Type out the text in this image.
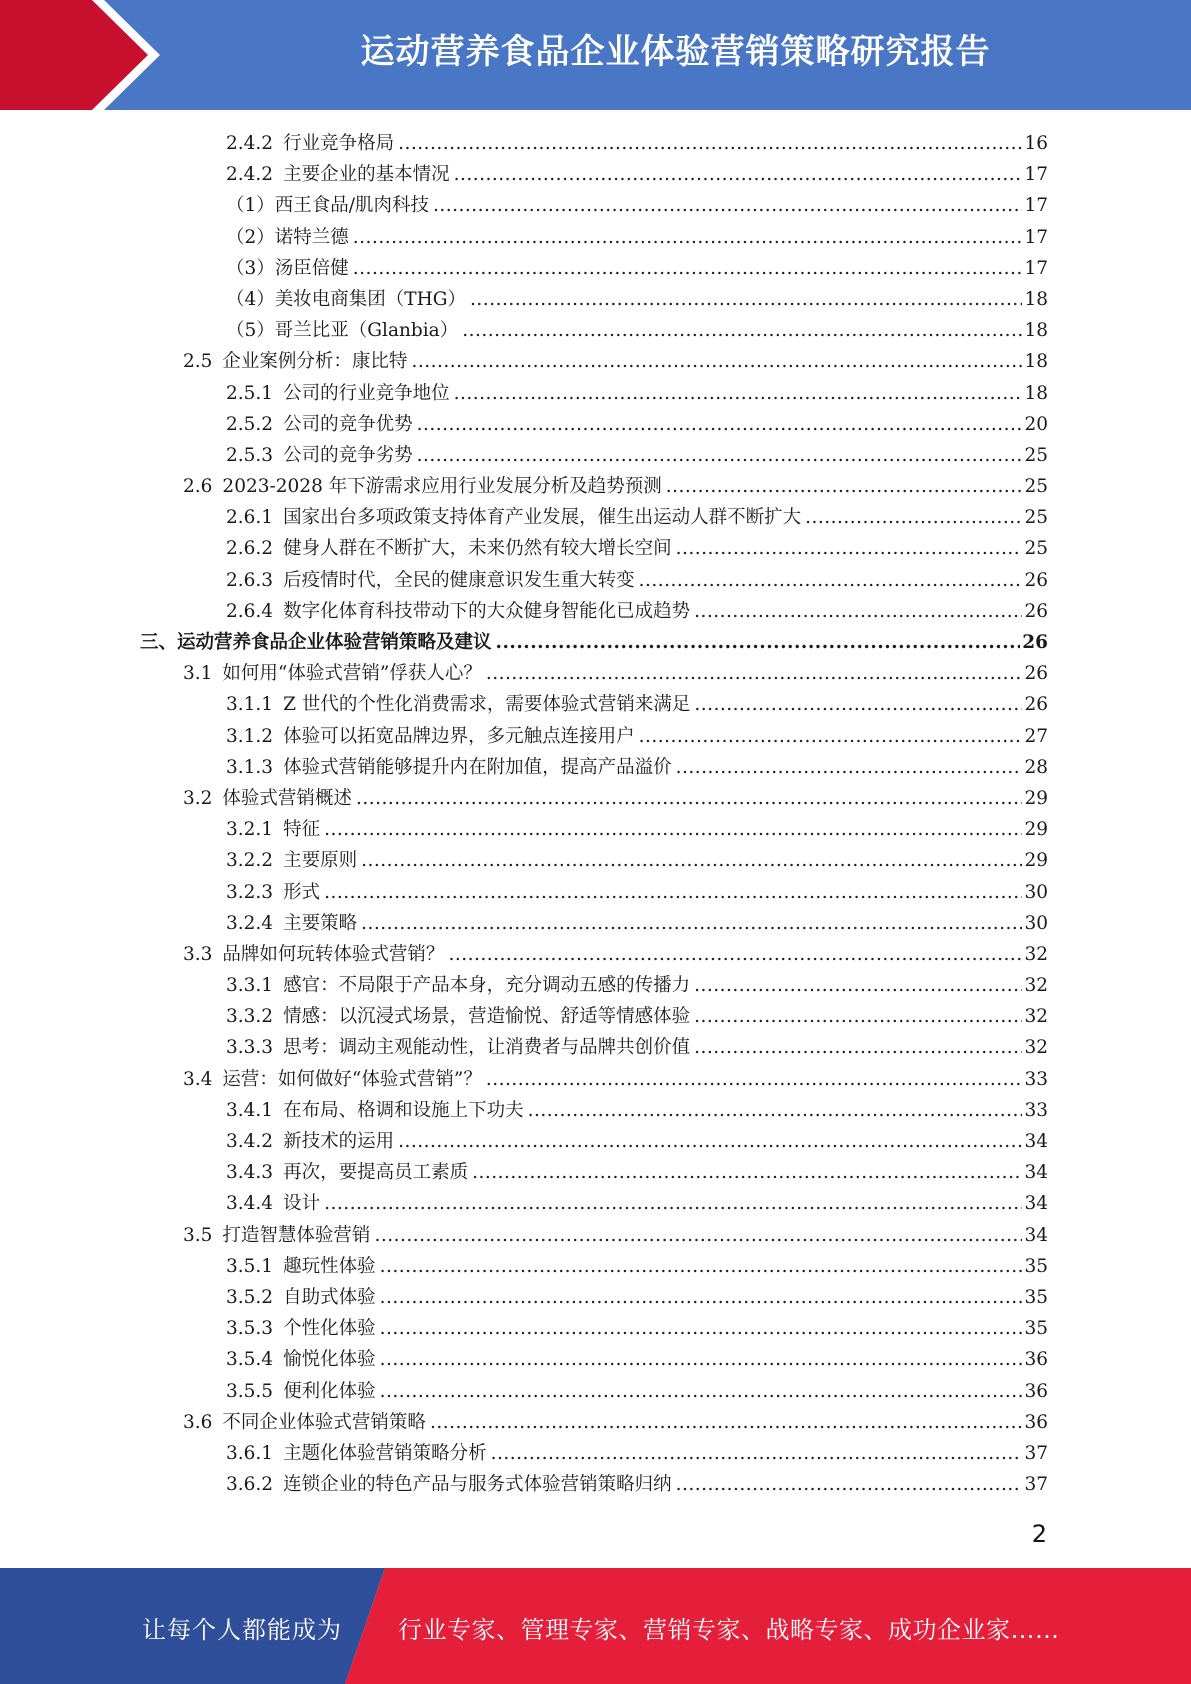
运动营养食品企业体验营销策略研究报告
2.4.2 行业竞争格局 .....	16
2.4.2 主要企业的基本情况 .....	17
（1） 西王食品/肌肉科技 .....	17
（2） 诺特兰德 .....	17
（3） 汤臣倍健 .....	17
（4） 美妆电商集团（THG） .....	18
（5） 哥兰比亚（Glanbia） .....	18
2.5 企业案例分析：康比特 .....	18
2.5.1 公司的行业竞争地位 .....	18
2.5.2 公司的竞争优势 .....	20
2.5.3 公司的竞争劣势 .....	25
2.6 2023-2028 年下游需求应用行业发展分析及趋势预测 .....	25
2.6.1 国家出台多项政策支持体育产业发展，催生出运动人群不断扩大 .....	25
2.6.2 健身人群在不断扩大，未来仍然有较大增长空间 .....	25
2.6.3 后疫情时代，全民的健康意识发生重大转变 .....	26
2.6.4 数字化体育科技带动下的大众健身智能化已成趋势 .....	26
三、 运动营养食品企业体验营销策略及建议 .....	26
3.1 如何用“体验式营销”俘获人心？ .....	26
3.1.1 Z 世代的个性化消费需求，需要体验式营销来满足 .....	26
3.1.2 体验可以拓宽品牌边界，多元触点连接用户 .....	27
3.1.3 体验式营销能够提升内在附加值，提高产品溢价 .....	28
3.2 体验式营销概述 .....	29
3.2.1 特征 .....	29
3.2.2 主要原则 .....	29
3.2.3 形式 .....	30
3.2.4 主要策略 .....	30
3.3 品牌如何玩转体验式营销？ .....	32
3.3.1 感官：不局限于产品本身，充分调动五感的传播力 .....	32
3.3.2 情感：以沉浸式场景，营造愉悦、舒适等情感体验 .....	32
3.3.3 思考：调动主观能动性，让消费者与品牌共创价值 .....	32
3.4 运营：如何做好“体验式营销”？ .....	33
3.4.1 在布局、格调和设施上下功夫 .....	33
3.4.2 新技术的运用 .....	34
3.4.3 再次，要提高员工素质 .....	34
3.4.4 设计 .....	34
3.5 打造智慧体验营销 .....	34
3.5.1 趣玩性体验 .....	35
3.5.2 自助式体验 .....	35
3.5.3 个性化体验 .....	35
3.5.4 愉悦化体验 .....	36
3.5.5 便利化体验 .....	36
3.6 不同企业体验式营销策略 .....	36
3.6.1 主题化体验营销策略分析 .....	37
3.6.2 连锁企业的特色产品与服务式体验营销策略归纳 .....	37
2
让每个人都能成为 行业专家、管理专家、营销专家、战略专家、成功企业家……
